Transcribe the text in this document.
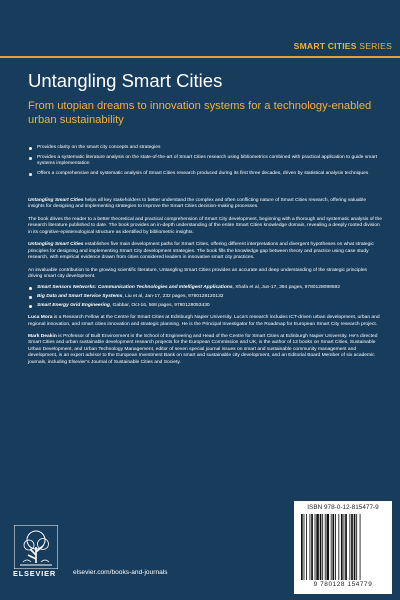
SMART CITIES SERIES
Untangling Smart Cities
From utopian dreams to innovation systems for a technology-enabled urban sustainability
Provides clarity on the smart city concepts and strategies
Provides a systematic literature analysis on the state-of-the-art of Smart Cities research using bibliometrics combined with practical application to guide smart systems implementation
Offers a comprehensive and systematic analysis of Smart Cities research produced during its first three decades, driven by statistical analysis techniques

Untangling Smart Cities helps all key stakeholders to better understand the complex and often conflicting nature of Smart Cities research, offering valuable insights for designing and implementing strategies to improve the Smart Cities decision-making processes.

The book drives the reader to a better theoretical and practical comprehension of Smart City development, beginning with a thorough and systematic analysis of the research literature published to date. The book provides an in-depth understanding of the entire Smart Cities knowledge domain, revealing a deeply rooted division in its cognitive-epistemological structure as identified by bibliometric insights.

Untangling Smart Cities establishes five main development paths for Smart Cities, offering different interpretations and divergent hypotheses on what strategic principles for designing and implementing Smart City development strategies. The book fills the knowledge gap between theory and practice using case study research, with empirical evidence drawn from cities considered leaders in innovative smart city practices.

An invaluable contribution to the growing scientific literature, Untangling Smart Cities provides an accurate and deep understanding of the strategic principles driving smart city development.

Smart Sensors Networks: Communication Technologies and Intelligent Applications, Xhafa et al, Jun-17, 394 pages, 9780128098592
Big Data and Smart Service Systems, Liu et al, Jan-17, 232 pages, 9780128120132
Smart Energy Grid Engineering, Gabbar, Oct-16, 568 pages, 9780128053430

Luca Mora is a Research Fellow at the Centre for Smart Cities at Edinburgh Napier University. Luca’s research includes ICT-driven urban development, urban and regional innovation, and smart cities innovation and strategic planning. He is the Principal Investigator for the Roadmap for European Smart City research project.

Mark Deakin is Professor of Built Environment in the School of Engineering and Head of the Centre for Smart Cities at Edinburgh Napier University. He’s directed Smart Cities and urban sustainable development research projects for the European Commission and UK, is the author of 12 books on Smart Cities, Sustainable Urban Development, and Urban Technology Management, editor of seven special journal issues on smart and sustainable community management and development, is an expert advisor to the European Investment Bank on smart and sustainable city development, and an Editorial Board Member of six academic journals, including Elsevier’s Journal of Sustainable Cities and Society.

ISBN 978-0-12-815477-9
9 780128 154779
ELSEVIER	elsevier.com/books-and-journals
